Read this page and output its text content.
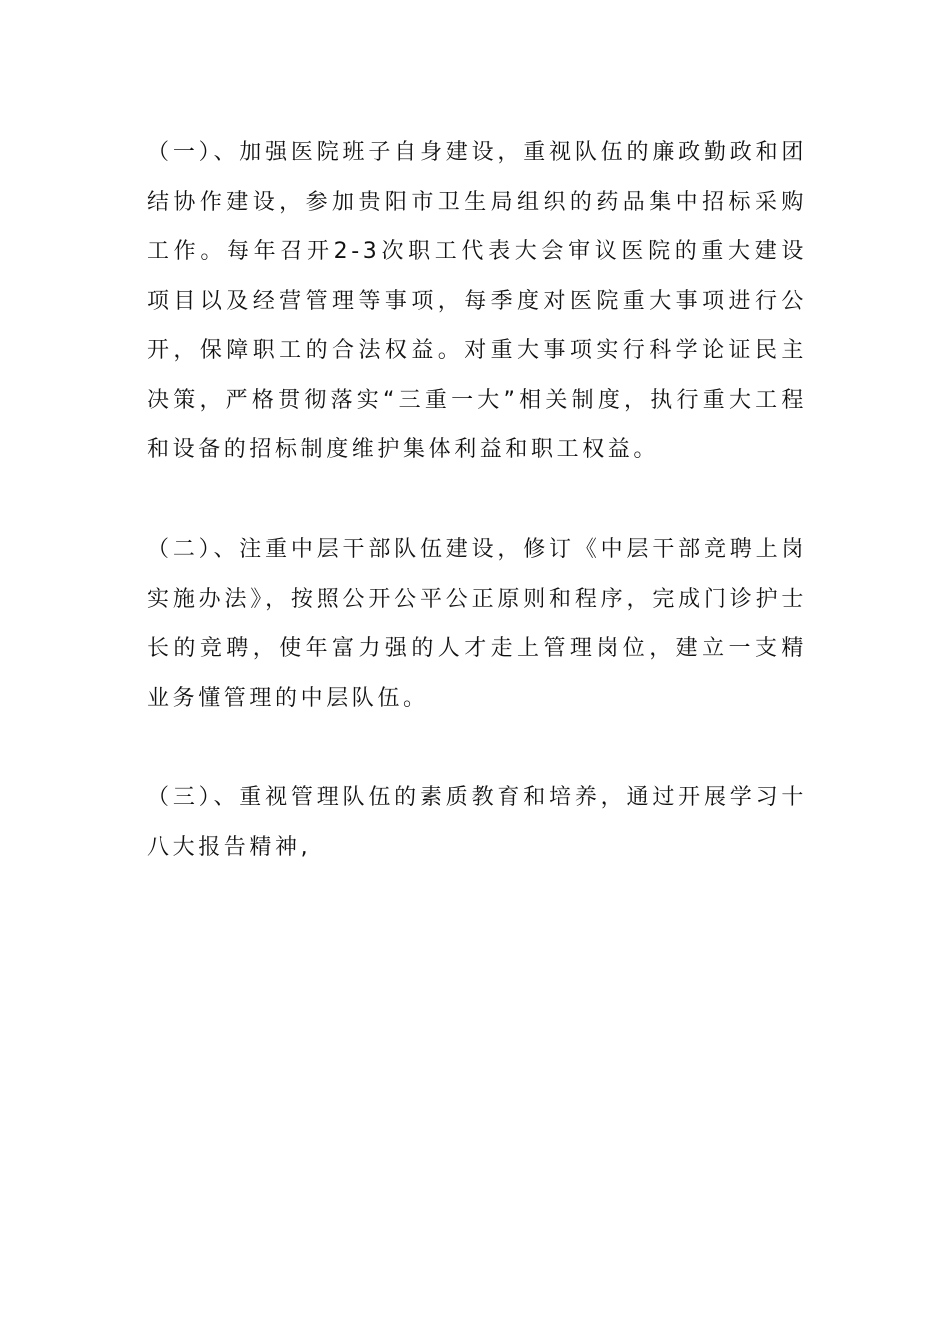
（一）、加强医院班子自身建设，重视队伍的廉政勤政和团结协作建设，参加贵阳市卫生局组织的药品集中招标采购工作。每年召开2-3次职工代表大会审议医院的重大建设项目以及经营管理等事项，每季度对医院重大事项进行公开，保障职工的合法权益。对重大事项实行科学论证民主决策，严格贯彻落实“三重一大”相关制度，执行重大工程和设备的招标制度维护集体利益和职工权益。

（二）、注重中层干部队伍建设，修订《中层干部竞聘上岗实施办法》，按照公开公平公正原则和程序，完成门诊护士长的竞聘，使年富力强的人才走上管理岗位，建立一支精业务懂管理的中层队伍。

（三）、重视管理队伍的素质教育和培养，通过开展学习十八大报告精神,
